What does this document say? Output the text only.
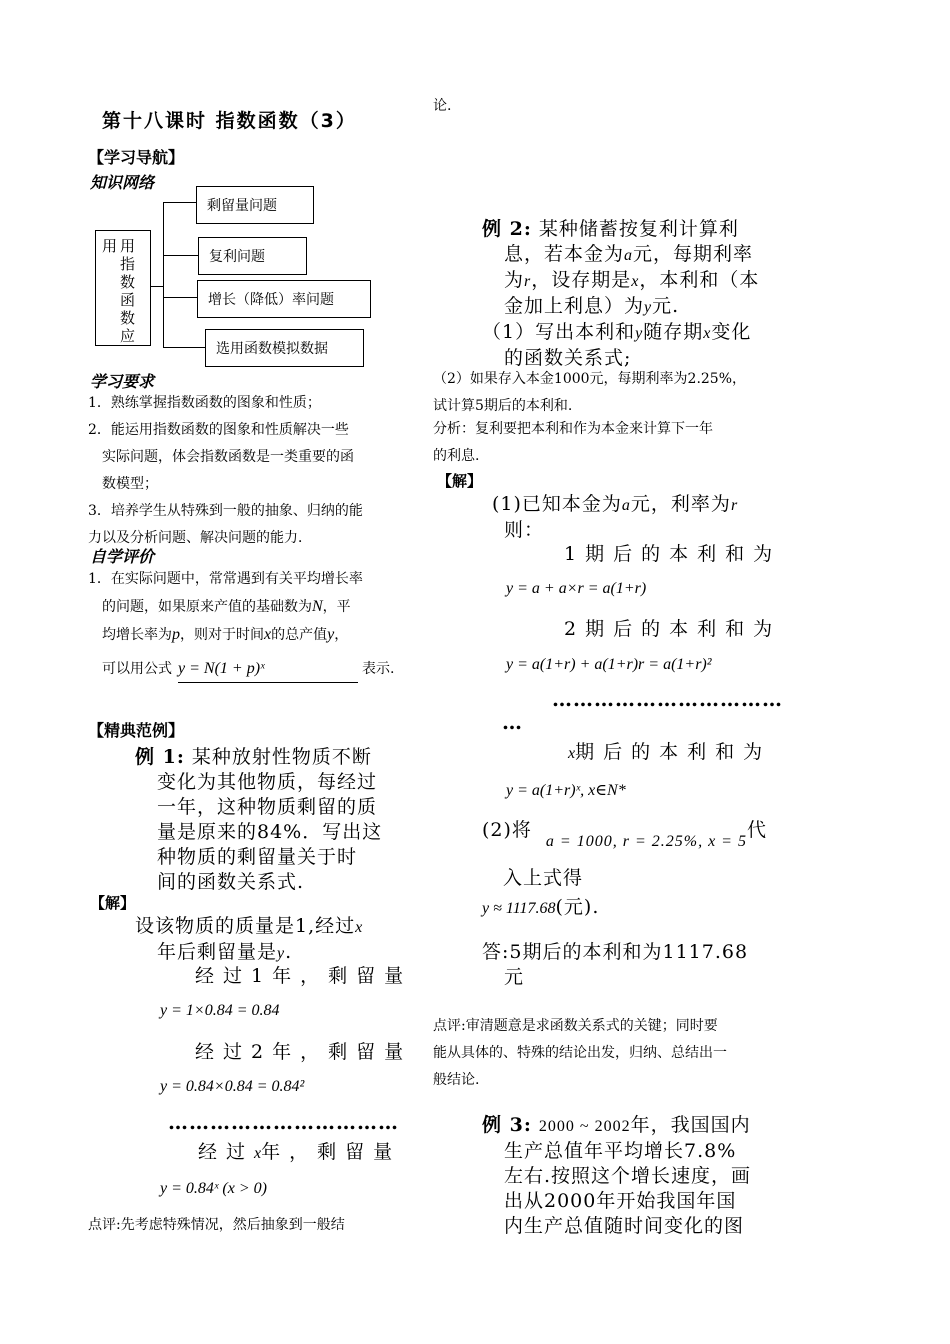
第十八课时 指数函数（3）
【学习导航】
知识网络
用 用指数函数应
剩留量问题
复利问题
增长（降低）率问题
选用函数模拟数据
学习要求
1．熟练掌握指数函数的图象和性质；
2．能运用指数函数的图象和性质解决一些
实际问题，体会指数函数是一类重要的函
数模型；
3．培养学生从特殊到一般的抽象、归纳的能
力以及分析问题、解决问题的能力．
自学评价
1．在实际问题中，常常遇到有关平均增长率
的问题，如果原来产值的基础数为N，平
均增长率为p，则对于时间x的总产值y，
可以用公式 y = N(1 + p)ˣ	表示.
【精典范例】
例 1: 某种放射性物质不断
变化为其他物质，每经过
一年，这种物质剩留的质
量是原来的84%．写出这
种物质的剩留量关于时
间的函数关系式.
【解】
设该物质的质量是1,经过x
年后剩留量是y.
经过1年，剩留量
y = 1×0.84 = 0.84
经过2年，剩留量
y = 0.84×0.84 = 0.84²
……………………………
经过x年，剩留量
y = 0.84ˣ (x > 0)
点评:先考虑特殊情况，然后抽象到一般结
论.
例 2: 某种储蓄按复利计算利
息，若本金为a元，每期利率
为r，设存期是x，本利和（本
金加上利息）为y元.
（1）写出本利和y随存期x变化
的函数关系式;
（2）如果存入本金1000元，每期利率为2.25%，
试计算5期后的本利和.
分析：复利要把本利和作为本金来计算下一年
的利息.
【解】
(1)已知本金为a元，利率为r
则：
1期后的本利和为
y = a + a×r = a(1+r)
2期后的本利和为
y = a(1+r) + a(1+r)r = a(1+r)²
……………………………
…
x期后的本利和为
y = a(1+r)ˣ, x∈N*
(2)将$_{a = 1000, r = 2.25\%, x = 5}$代
入上式得
y ≈ 1117.68(元).
答:5期后的本利和为1117.68
元
点评:审清题意是求函数关系式的关键；同时要
能从具体的、特殊的结论出发，归纳、总结出一
般结论.
例 3: 2000 ~ 2002年，我国国内
生产总值年平均增长7.8%
左右.按照这个增长速度，画
出从2000年开始我国年国
内生产总值随时间变化的图
